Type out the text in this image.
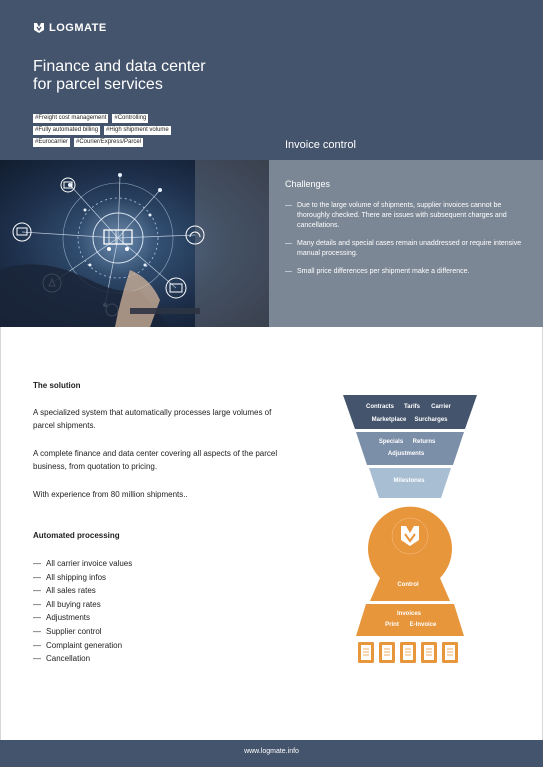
LOGMATE
Finance and data center
for parcel services
#Freight cost management	#Controlling
#Fully automated billing	#High shipment volume
#Eurocarrier	#Courier/Express/Parcel	Invoice control
Challenges
— Due to the large volume of shipments, supplier invoices cannot be thoroughly checked. There are issues with subsequent charges and cancellations.
— Many details and special cases remain unaddressed or require intensive manual processing.
— Small price differences per shipment make a difference.
The solution
A specialized system that automatically processes large volumes of parcel shipments.
A complete finance and data center covering all aspects of the parcel business, from quotation to pricing.
With experience from 80 million shipments..
Automated processing
— All carrier invoice values
— All shipping infos
— All sales rates
— All buying rates
— Adjustments
— Supplier control
— Complaint generation
— Cancellation
Contracts Tarifs Carrier
Marketplace Surcharges
Specials Returns
Adjustments
Milestones
Control
Invoices
Print E-Invoice
www.logmate.info
